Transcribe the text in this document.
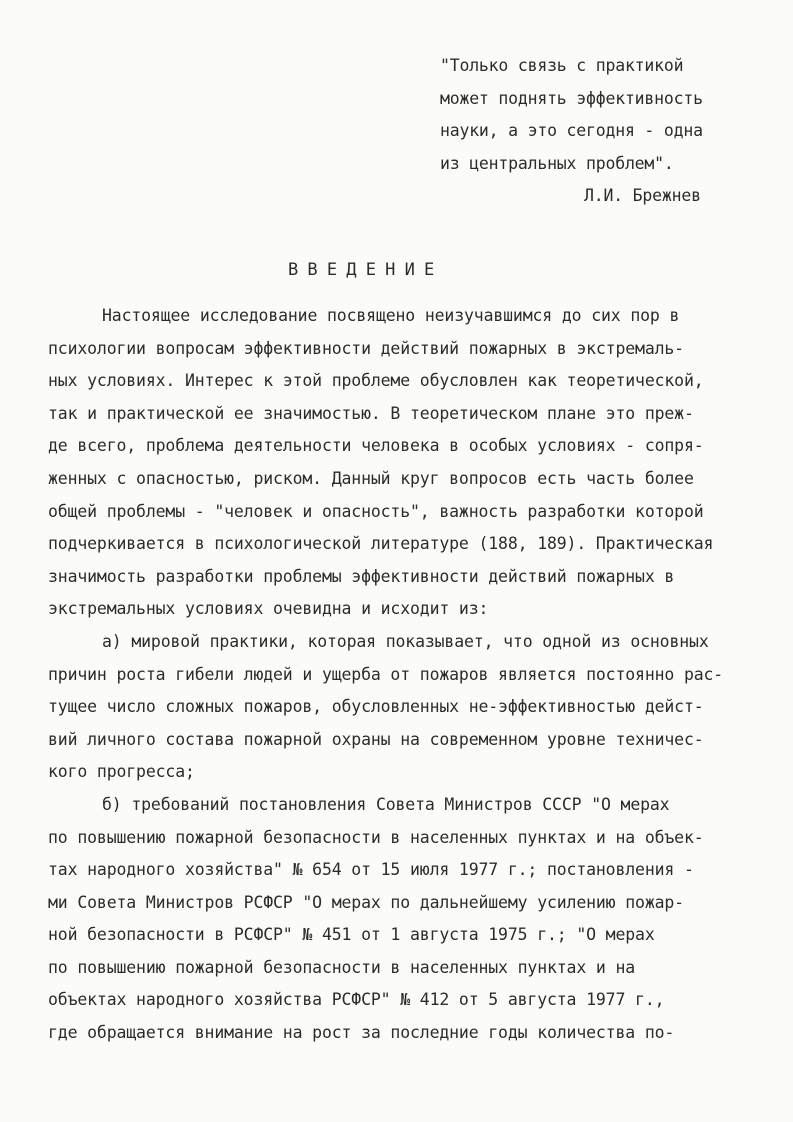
"Только связь с практикой
может поднять эффективность
науки, а это сегодня - одна
из центральных проблем".
Л.И. Брежнев
ВВЕДЕНИЕ
Настоящее исследование посвящено неизучавшимся до сих пор в
психологии вопросам эффективности действий пожарных в экстремаль-
ных условиях. Интерес к этой проблеме обусловлен как теоретической,
так и практической ее значимостью. В теоретическом плане это преж-
де всего, проблема деятельности человека в особых условиях - сопря-
женных с опасностью, риском. Данный круг вопросов есть часть более
общей проблемы - "человек и опасность", важность разработки которой
подчеркивается в психологической литературе (188, 189). Практическая
значимость разработки проблемы эффективности действий пожарных в
экстремальных условиях очевидна и исходит из:
а) мировой практики, которая показывает, что одной из основных
причин роста гибели людей и ущерба от пожаров является постоянно рас-
тущее число сложных пожаров, обусловленных не-эффективностью дейст-
вий личного состава пожарной охраны на современном уровне техничес-
кого прогресса;
б) требований постановления Совета Министров СССР "О мерах
по повышению пожарной безопасности в населенных пунктах и на объек-
тах народного хозяйства" № 654 от 15 июля 1977 г.; постановления -
ми Совета Министров РСФСР "О мерах по дальнейшему усилению пожар-
ной безопасности в РСФСР" № 451 от 1 августа 1975 г.; "О мерах
по повышению пожарной безопасности в населенных пунктах и на
объектах народного хозяйства РСФСР" № 412 от 5 августа 1977 г.,
где обращается внимание на рост за последние годы количества по-
